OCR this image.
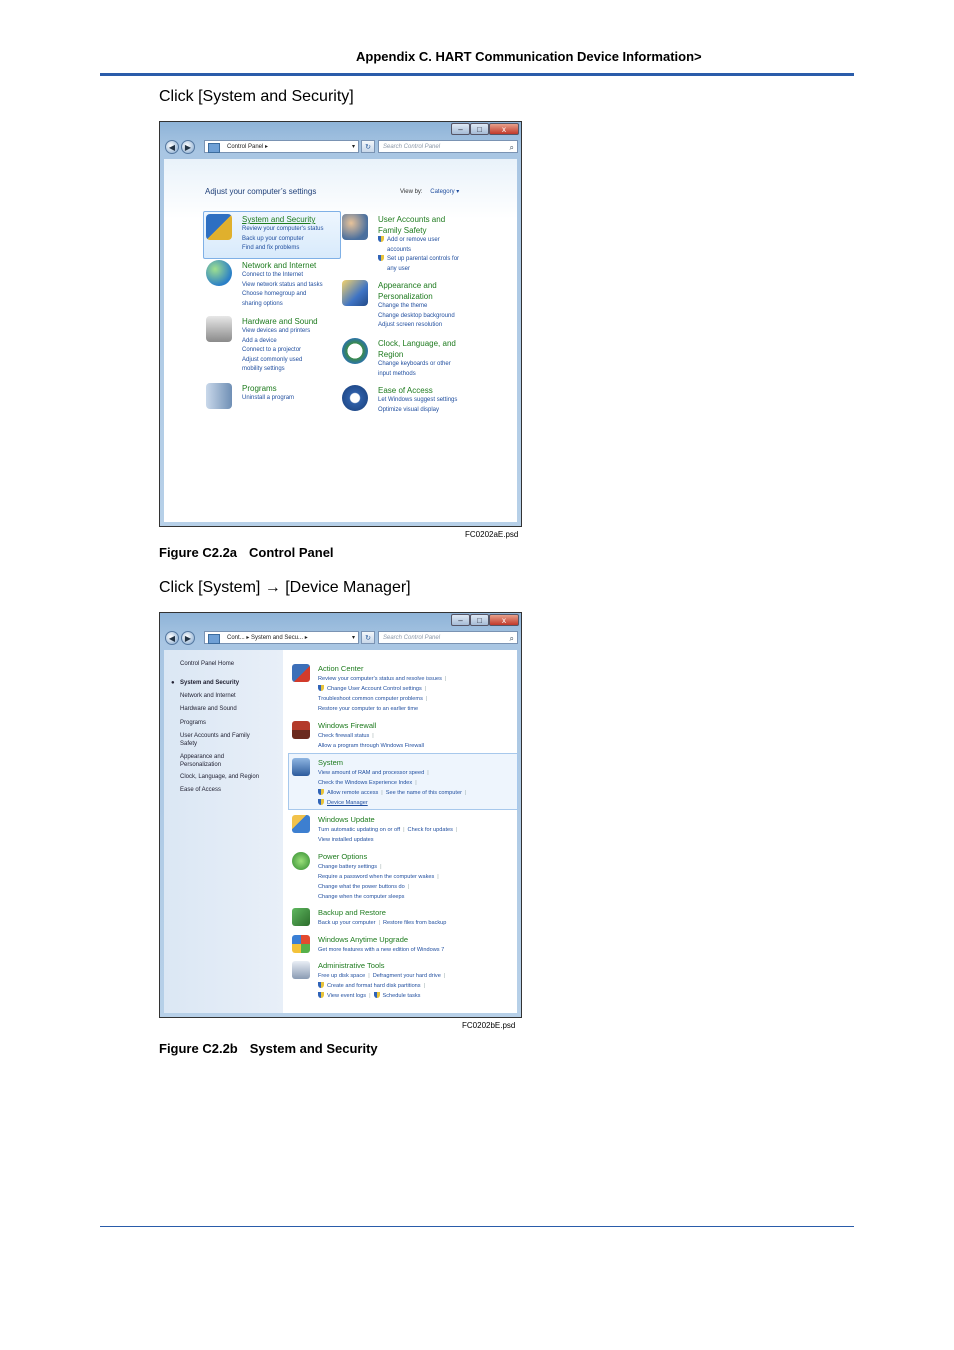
Appendix C. HART Communication Device Information>
Click [System and Security]
–	□	x
◀	▶	Control Panel ▸	▾	↻	Search Control Panel	⌕
Adjust your computer’s settings	View by: Category ▾
System and Security
Review your computer's status
Back up your computer
Find and fix problems
Network and Internet
Connect to the Internet
View network status and tasks
Choose homegroup and
sharing options
Hardware and Sound
View devices and printers
Add a device
Connect to a projector
Adjust commonly used
mobility settings
Programs
Uninstall a program
User Accounts and
Family Safety
Add or remove user
accounts
Set up parental controls for
any user
Appearance and
Personalization
Change the theme
Change desktop background
Adjust screen resolution
Clock, Language, and
Region
Change keyboards or other
input methods
Ease of Access
Let Windows suggest settings
Optimize visual display
FC0202aE.psd
Figure C2.2a Control Panel
Click [System] → [Device Manager]
–	□	x
◀	▶	Cont... ▸ System and Secu... ▸	▾	↻	Search Control Panel	⌕
Control Panel Home
● System and Security
Network and Internet
Hardware and Sound
Programs
User Accounts and Family
Safety
Appearance and
Personalization
Clock, Language, and Region
Ease of Access
Action Center
Review your computer's status and resolve issues |
Change User Account Control settings |
Troubleshoot common computer problems |
Restore your computer to an earlier time
Windows Firewall
Check firewall status |
Allow a program through Windows Firewall
System
View amount of RAM and processor speed |
Check the Windows Experience Index |
Allow remote access | See the name of this computer |
Device Manager
Windows Update
Turn automatic updating on or off | Check for updates |
View installed updates
Power Options
Change battery settings |
Require a password when the computer wakes |
Change what the power buttons do |
Change when the computer sleeps
Backup and Restore
Back up your computer | Restore files from backup
Windows Anytime Upgrade
Get more features with a new edition of Windows 7
Administrative Tools
Free up disk space | Defragment your hard drive |
Create and format hard disk partitions |
View event logs | Schedule tasks
FC0202bE.psd
Figure C2.2b System and Security
